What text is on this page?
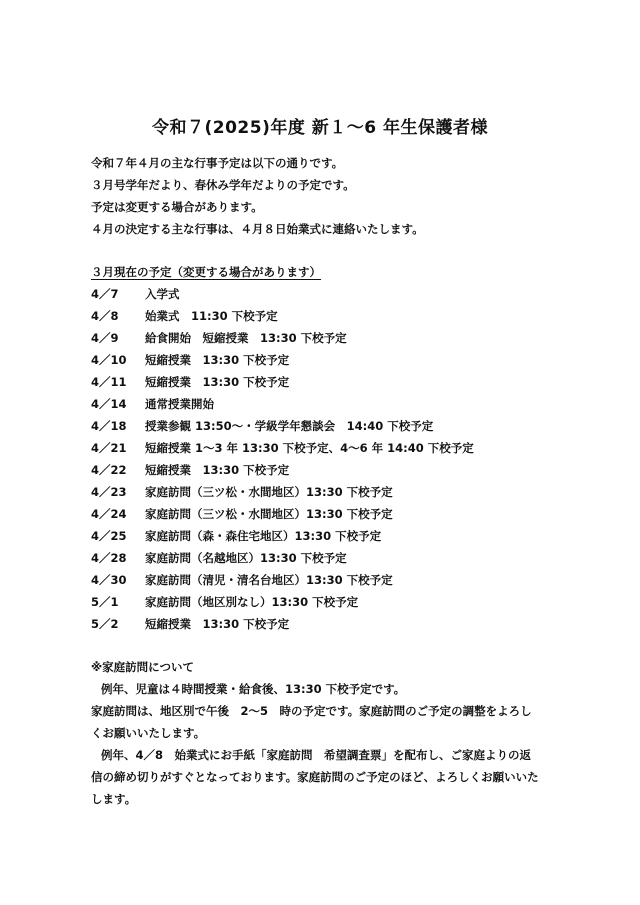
令和７(2025)年度 新１～6 年生保護者様
令和７年４月の主な行事予定は以下の通りです。
３月号学年だより、春休み学年だよりの予定です。
予定は変更する場合があります。
４月の決定する主な行事は、４月８日始業式に連絡いたします。
３月現在の予定（変更する場合があります）
4／7 入学式
4／8 始業式　11:30 下校予定
4／9 給食開始　短縮授業　13:30 下校予定
4／10 短縮授業　13:30 下校予定
4／11 短縮授業　13:30 下校予定
4／14 通常授業開始
4／18 授業参観 13:50～・学級学年懇談会　14:40 下校予定
4／21 短縮授業 1～3 年 13:30 下校予定、4～6 年 14:40 下校予定
4／22 短縮授業　13:30 下校予定
4／23 家庭訪問（三ツ松・水間地区）13:30 下校予定
4／24 家庭訪問（三ツ松・水間地区）13:30 下校予定
4／25 家庭訪問（森・森住宅地区）13:30 下校予定
4／28 家庭訪問（名越地区）13:30 下校予定
4／30 家庭訪問（清児・清名台地区）13:30 下校予定
5／1 家庭訪問（地区別なし）13:30 下校予定
5／2 短縮授業　13:30 下校予定
※家庭訪問について
例年、児童は４時間授業・給食後、13:30 下校予定です。
家庭訪問は、地区別で午後　2～5　時の予定です。家庭訪問のご予定の調整をよろし
くお願いいたします。
例年、4／8　始業式にお手紙「家庭訪問　希望調査票」を配布し、ご家庭よりの返
信の締め切りがすぐとなっております。家庭訪問のご予定のほど、よろしくお願いいた
します。
